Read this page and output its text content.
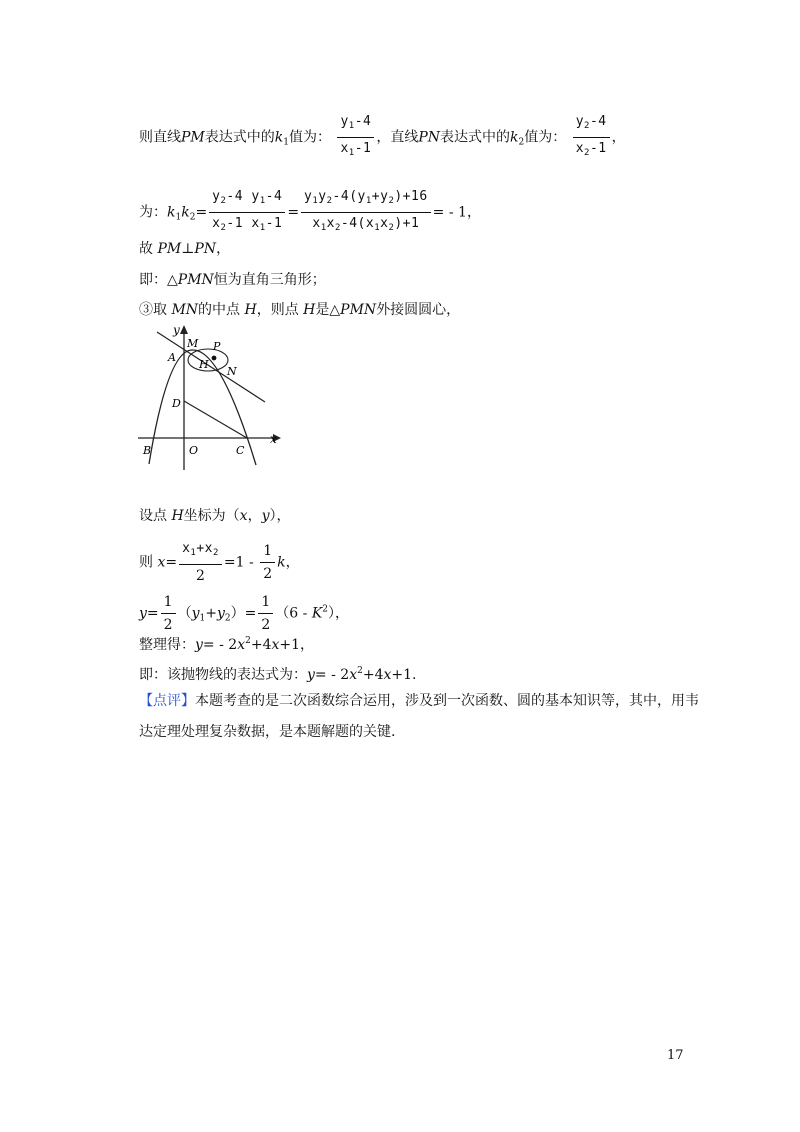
则直线PM表达式中的$k_1$值为： $\frac{y_1-4}{x_1-1}$ ，直线PN表达式中的$k_2$值为： $\frac{y_2-4}{x_2-1}$ ，
为：$k_1k_2= \frac{y_2-4 y_1-4}{x_2-1 x_1-1} = \frac{y_1y_2-4(y_1+y_2)+16}{x_1x_2-4(x_1x_2)+1}$ = - 1，
故 PM⊥PN，
即：△PMN恒为直角三角形；
③取 MN的中点 H，则点 H是△PMN外接圆圆心，
y
x
M P
A
H
N
D
B	O	C
设点 H坐标为（x，y），
则 $x= \frac{x_1+x_2}{2} =1 - \frac{1}{2}$ k，
$y= \frac{1}{2} (y_1+y_2)= \frac{1}{2} (6 - K^2)$，
整理得：$y= - 2x^2+4x+1$，
即：该抛物线的表达式为：$y= - 2x^2+4x+1$.
【点评】本题考查的是二次函数综合运用，涉及到一次函数、圆的基本知识等，其中，用韦
达定理处理复杂数据，是本题解题的关键.
17
